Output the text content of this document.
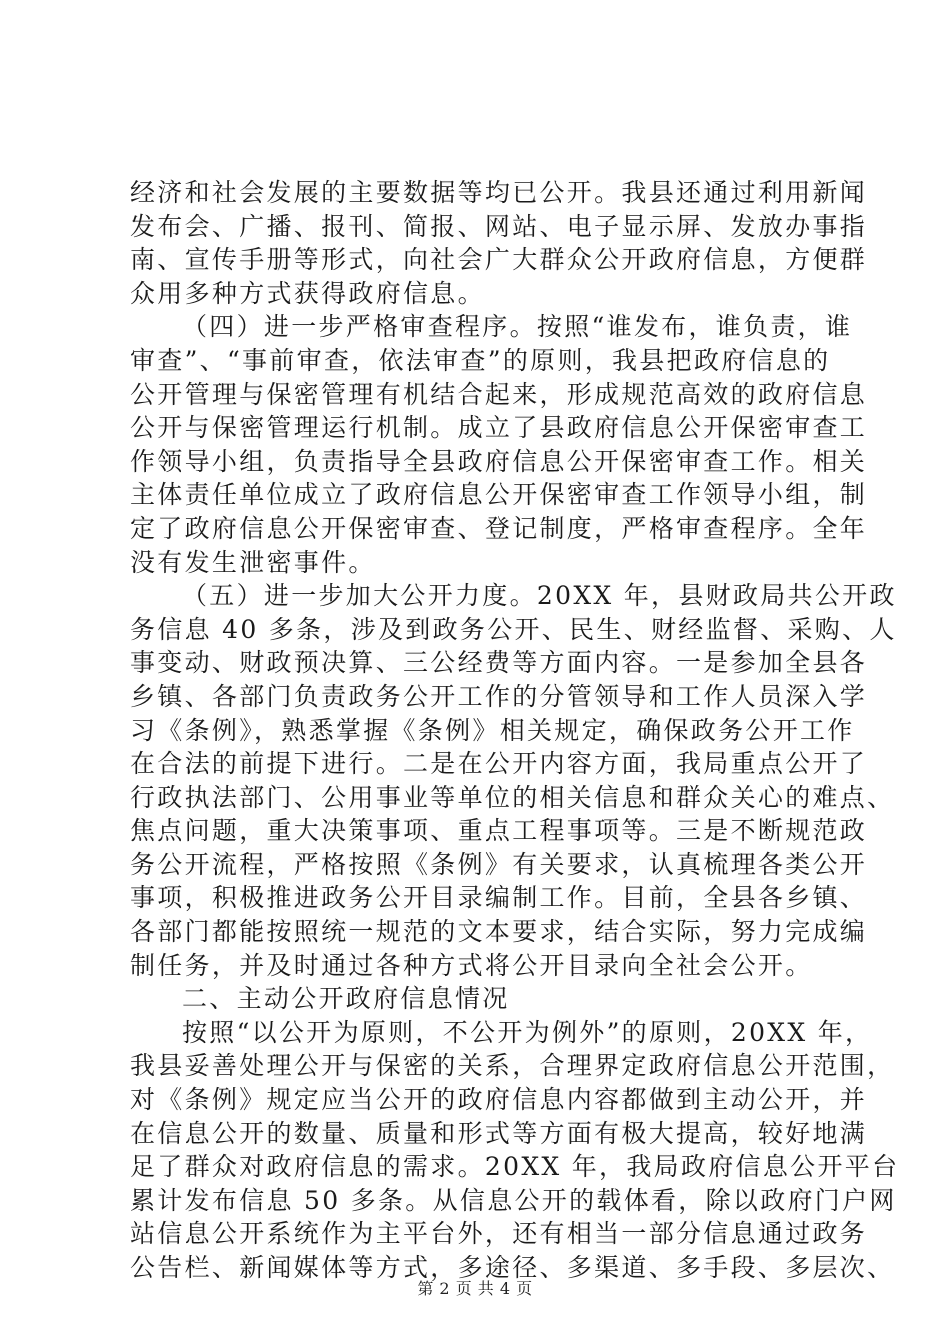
经济和社会发展的主要数据等均已公开。我县还通过利用新闻
发布会、广播、报刊、简报、网站、电子显示屏、发放办事指
南、宣传手册等形式，向社会广大群众公开政府信息，方便群
众用多种方式获得政府信息。
（四）进一步严格审查程序。按照“谁发布，谁负责，谁
审查”、“事前审查，依法审查”的原则，我县把政府信息的
公开管理与保密管理有机结合起来，形成规范高效的政府信息
公开与保密管理运行机制。成立了县政府信息公开保密审查工
作领导小组，负责指导全县政府信息公开保密审查工作。相关
主体责任单位成立了政府信息公开保密审查工作领导小组，制
定了政府信息公开保密审查、登记制度，严格审查程序。全年
没有发生泄密事件。
（五）进一步加大公开力度。20XX 年，县财政局共公开政
务信息 40 多条，涉及到政务公开、民生、财经监督、采购、人
事变动、财政预决算、三公经费等方面内容。一是参加全县各
乡镇、各部门负责政务公开工作的分管领导和工作人员深入学
习《条例》，熟悉掌握《条例》相关规定，确保政务公开工作
在合法的前提下进行。二是在公开内容方面，我局重点公开了
行政执法部门、公用事业等单位的相关信息和群众关心的难点、
焦点问题，重大决策事项、重点工程事项等。三是不断规范政
务公开流程，严格按照《条例》有关要求，认真梳理各类公开
事项，积极推进政务公开目录编制工作。目前，全县各乡镇、
各部门都能按照统一规范的文本要求，结合实际，努力完成编
制任务，并及时通过各种方式将公开目录向全社会公开。
二、主动公开政府信息情况
按照“以公开为原则，不公开为例外”的原则，20XX 年，
我县妥善处理公开与保密的关系，合理界定政府信息公开范围，
对《条例》规定应当公开的政府信息内容都做到主动公开，并
在信息公开的数量、质量和形式等方面有极大提高，较好地满
足了群众对政府信息的需求。20XX 年，我局政府信息公开平台
累计发布信息 50 多条。从信息公开的载体看，除以政府门户网
站信息公开系统作为主平台外，还有相当一部分信息通过政务
公告栏、新闻媒体等方式，多途径、多渠道、多手段、多层次、
第 2 页 共 4 页
